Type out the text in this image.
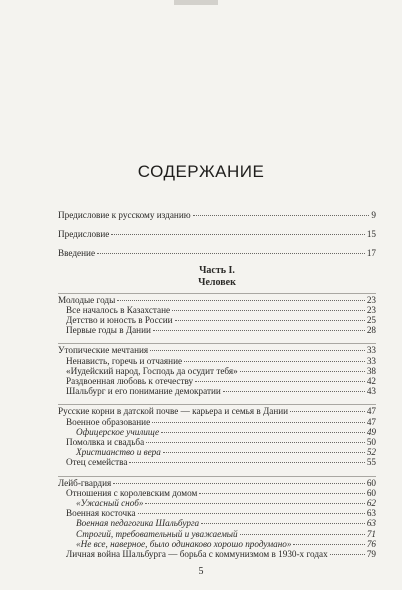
СОДЕРЖАНИЕ
Предисловие к русскому изданию	9
Предисловие	15
Введение	17
Часть I.
Человек
Молодые годы	23
Все началось в Казахстане	23
Детство и юность в России	25
Первые годы в Дании	28
Утопические мечтания	33
Ненависть, горечь и отчаяние	33
«Иудейский народ, Господь да осудит тебя»	38
Раздвоенная любовь к отечеству	42
Шальбург и его понимание демократии	43
Русские корни в датской почве — карьера и семья в Дании	47
Военное образование	47
Офицерское училище	49
Помолвка и свадьба	50
Христианство и вера	52
Отец семейства	55
Лейб-гвардия	60
Отношения с королевским домом	60
«Ужасный сноб»	62
Военная косточка	63
Военная педагогика Шальбурга	63
Строгий, требовательный и уважаемый	71
«Не все, наверное, было одинаково хорошо продумано»	76
Личная война Шальбурга — борьба с коммунизмом в 1930-х годах	79
5
